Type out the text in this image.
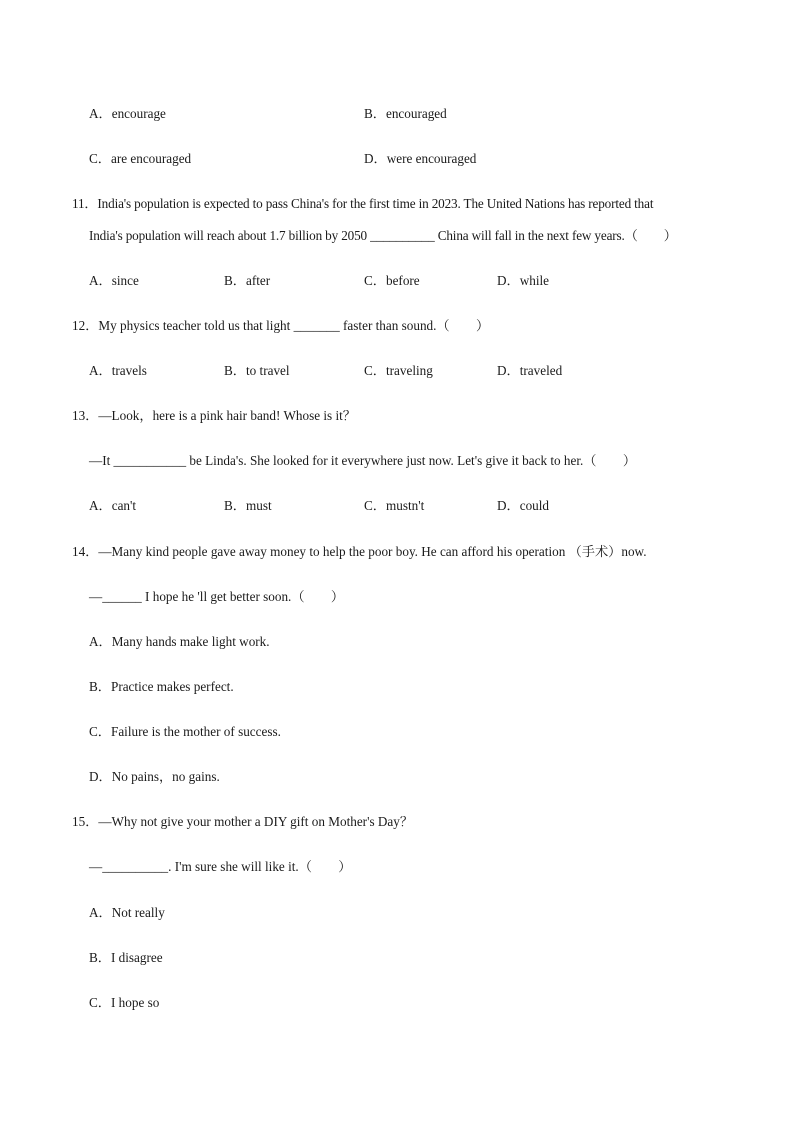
A．encourage	B．encouraged
C．are encouraged	D．were encouraged
11．India's population is expected to pass China's for the first time in 2023. The United Nations has reported that
India's population will reach about 1.7 billion by 2050 __________ China will fall in the next few years.（　　）
A．since	B．after	C．before	D．while
12．My physics teacher told us that light _______ faster than sound.（　　）
A．travels	B．to travel	C．traveling	D．traveled
13．—Look，here is a pink hair band! Whose is it？
—It ___________ be Linda's. She looked for it everywhere just now. Let's give it back to her.（　　）
A．can't	B．must	C．mustn't	D．could
14．—Many kind people gave away money to help the poor boy. He can afford his operation （手术）now.
—______ I hope he 'll get better soon.（　　）
A．Many hands make light work.
B．Practice makes perfect.
C．Failure is the mother of success.
D．No pains，no gains.
15．—Why not give your mother a DIY gift on Mother's Day？
—__________. I'm sure she will like it.（　　）
A．Not really
B．I disagree
C．I hope so
